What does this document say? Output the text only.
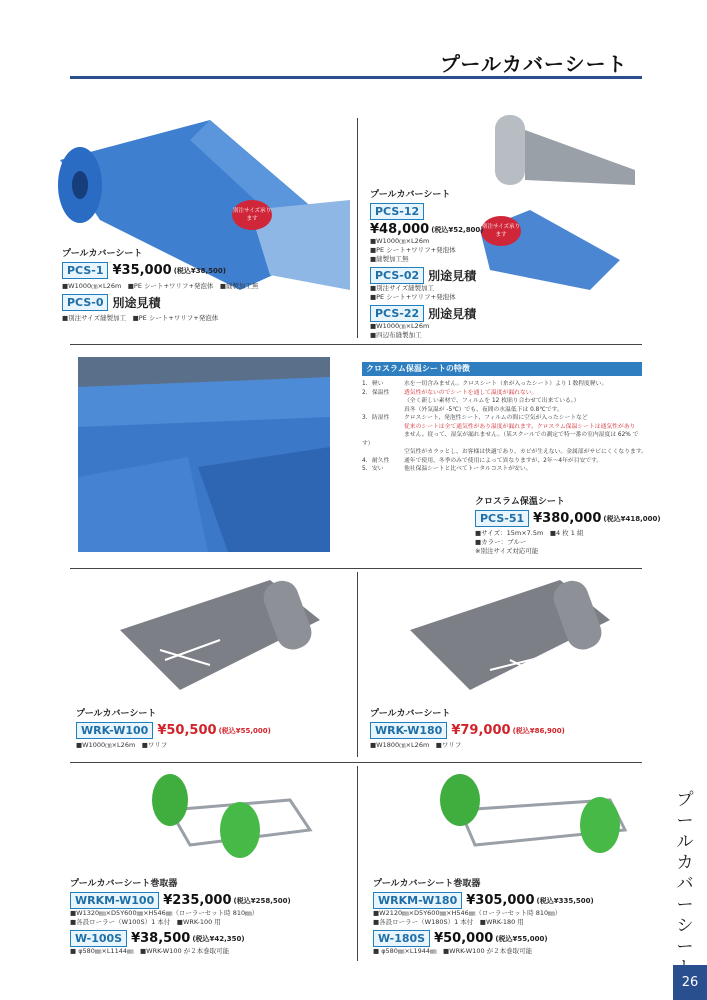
プールカバーシート
別注サイズ承ります
プールカバーシート
PCS-1 ¥35,000 (税込¥38,500)
■W1000㎝×L26m　■PE シート+ワリフ+発泡体　■縫製加工無
PCS-0 別途見積
■別注サイズ縫製加工　■PE シート+ワリフ+発泡体
別注サイズ承ります
プールカバーシート
PCS-12
¥48,000 (税込¥52,800)
■W1000㎝×L26m
■PE シート+ワリフ+発泡体
■縫製加工無
PCS-02 別途見積
■別注サイズ縫製加工
■PE シート+ワリフ+発泡体
PCS-22 別途見積
■W1000㎝×L26m
■四辺布縫製加工
クロスラム保温シートの特徴
1. 軽い	水を一切含みません。クロスシート（糸が入ったシート）より１数程度軽い。
2. 保温性	透気性がないのでシートを通して温度が漏れない。
（全く新しい素材で、フィルムを 12 枚貼り合わせて出来ている。）
真冬（外気温が -5℃）でも、夜間の水温低下は 0.8℃です。
3. 防湿性	クロスシート、発泡性シート、フィルムの間に空気が入ったシートなど
従来のシートは全て通気性があり温度が漏れます。クロスラム保温シートは通気性があり
ません。従って、湿気が漏れません。（某スクールでの測定で特一番の室内湿度は 62% です）
空気性がカラッとし、お客様は快適であり、カビが生えない。金属部がサビにくくなります。
4. 耐久性	通年で使用、冬季のみで使用によって異なりますが、2年〜4年が目安です。
5. 安い	他社保温シートと比べてトータルコストが安い。
クロスラム保温シート
PCS-51 ¥380,000 (税込¥418,000)
■サイズ：15m×7.5m　■4 枚 1 組
■カラー：ブルー
※別注サイズ対応可能
プールカバーシート
WRK-W100 ¥50,500 (税込¥55,000)
■W1000㎝×L26m　■ワリフ
プールカバーシート
WRK-W180 ¥79,000 (税込¥86,900)
■W1800㎝×L26m　■ワリフ
プールカバーシート巻取器
WRKM-W100 ¥235,000 (税込¥258,500)
■W1320㎜×D5Y600㎜×H546㎜（ローラーセット時 810㎜）
■各設ローラー（W100S）1 本付　■WRK-100 用
W-100S ¥38,500 (税込¥42,350)
■ φ580㎜×L1144㎜　■WRK-W100 が２本巻取可能
プールカバーシート巻取器
WRKM-W180 ¥305,000 (税込¥335,500)
■W2120㎜×D5Y600㎜×H546㎜（ローラーセット時 810㎜）
■各設ローラー（W180S）1 本付　■WRK-180 用
W-180S ¥50,000 (税込¥55,000)
■ φ580㎜×L1944㎜　■WRK-W100 が２本巻取可能
プ
ー
ル
カ
バ
ー
シ
ー
26
